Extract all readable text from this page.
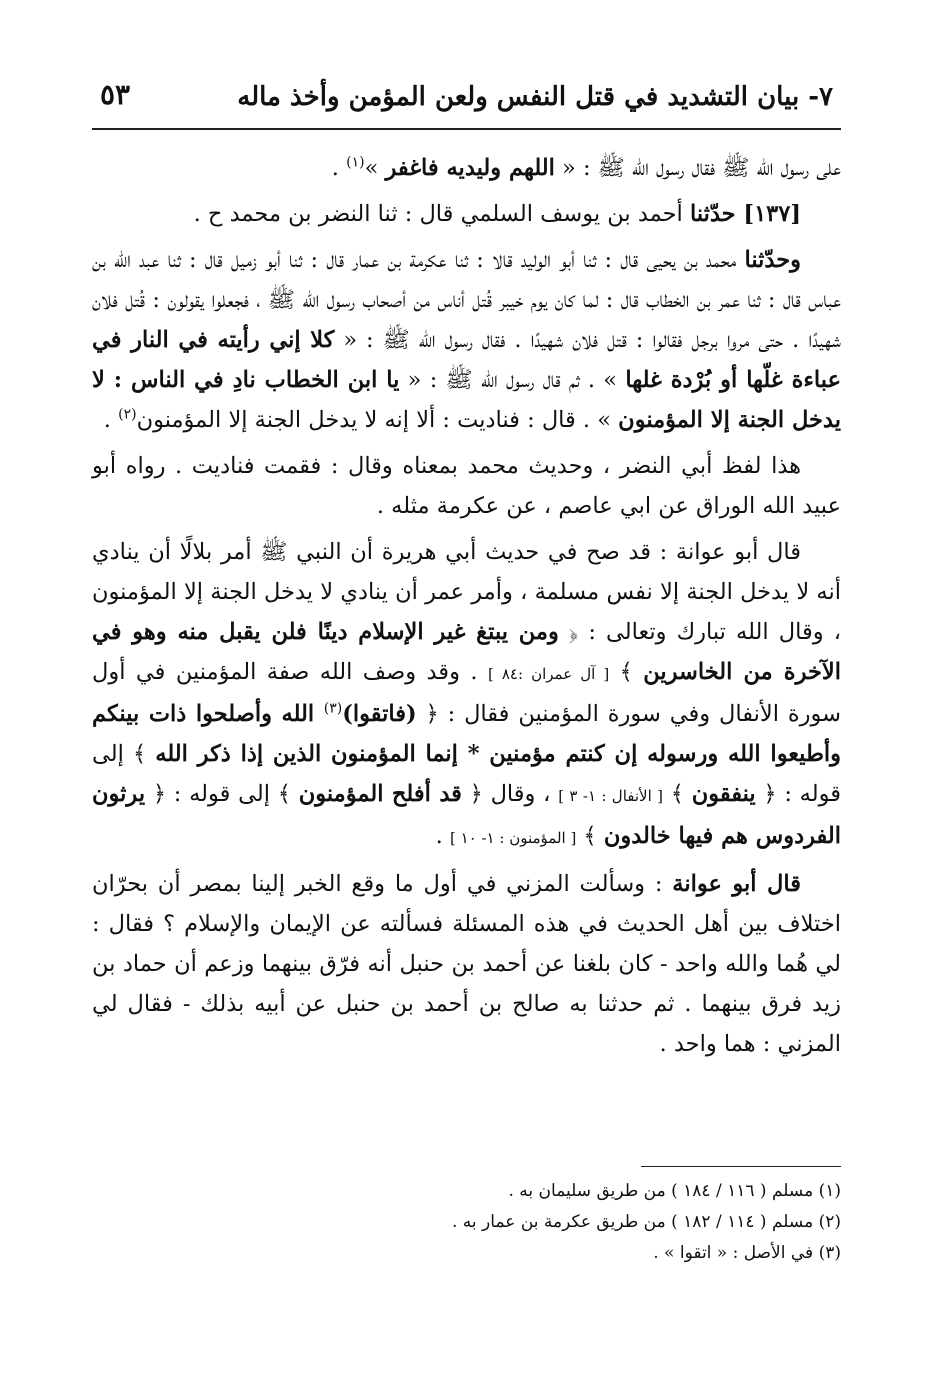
٧- بيان التشديد في قتل النفس ولعن المؤمن وأخذ ماله
٥٣

على رسول الله ﷺ فقال رسول الله ﷺ : « اللهم وليديه فاغفر »$^{(١)}$ .

[١٣٧] حدّثنا أحمد بن يوسف السلمي قال : ثنا النضر بن محمد ح .

وحدّثنا محمد بن يحيى قال : ثنا أبو الوليد قالا : ثنا عكرمة بن عمار قال : ثنا أبو زميل قال : ثنا عبد الله بن عباس قال : ثنا عمر بن الخطاب قال : لما كان يوم خيبر قُتل أناس من أصحاب رسول الله ﷺ ، فجعلوا يقولون : قُتل فلان شهيدًا . حتى مروا برجل فقالوا : قتل فلان شهيدًا . فقال رسول الله ﷺ : « كلا إني رأيته في النار في عباءة غلّها أو بُرْدة غلها » . ثم قال رسول الله ﷺ : « يا ابن الخطاب نادِ في الناس : لا يدخل الجنة إلا المؤمنون » . قال : فناديت : ألا إنه لا يدخل الجنة إلا المؤمنون$^{(٢)}$ .

هذا لفظ أبي النضر ، وحديث محمد بمعناه وقال : فقمت فناديت . رواه أبو عبيد الله الوراق عن ابي عاصم ، عن عكرمة مثله .

قال أبو عوانة : قد صح في حديث أبي هريرة أن النبي ﷺ أمر بلالًا أن ينادي أنه لا يدخل الجنة إلا نفس مسلمة ، وأمر عمر أن ينادي لا يدخل الجنة إلا المؤمنون ، وقال الله تبارك وتعالى : ﴿ ومن يبتغ غير الإسلام دينًا فلن يقبل منه وهو في الآخرة من الخاسرين ﴾ [ آل عمران :٨٤ ] . وقد وصف الله صفة المؤمنين في أول سورة الأنفال وفي سورة المؤمنين فقال : ﴿ (فاتقوا)$^{(٣)}$ الله وأصلحوا ذات بينكم وأطيعوا الله ورسوله إن كنتم مؤمنين * إنما المؤمنون الذين إذا ذكر الله ﴾ إلى قوله : ﴿ ينفقون ﴾ [ الأنفال : ١- ٣ ] ، وقال ﴿ قد أفلح المؤمنون ﴾ إلى قوله : ﴿ يرثون الفردوس هم فيها خالدون ﴾ [ المؤمنون : ١- ١٠ ] .

قال أبو عوانة : وسألت المزني في أول ما وقع الخبر إلينا بمصر أن بحرّان اختلاف بين أهل الحديث في هذه المسئلة فسألته عن الإيمان والإسلام ؟ فقال : لي هُما والله واحد - كان بلغنا عن أحمد بن حنبل أنه فرّق بينهما وزعم أن حماد بن زيد فرق بينهما . ثم حدثنا به صالح بن أحمد بن حنبل عن أبيه بذلك - فقال لي المزني : هما واحد .

(١) مسلم ( ١١٦ / ١٨٤ ) من طريق سليمان به .

(٢) مسلم ( ١١٤ / ١٨٢ ) من طريق عكرمة بن عمار به .

(٣) في الأصل : « اتقوا » .
